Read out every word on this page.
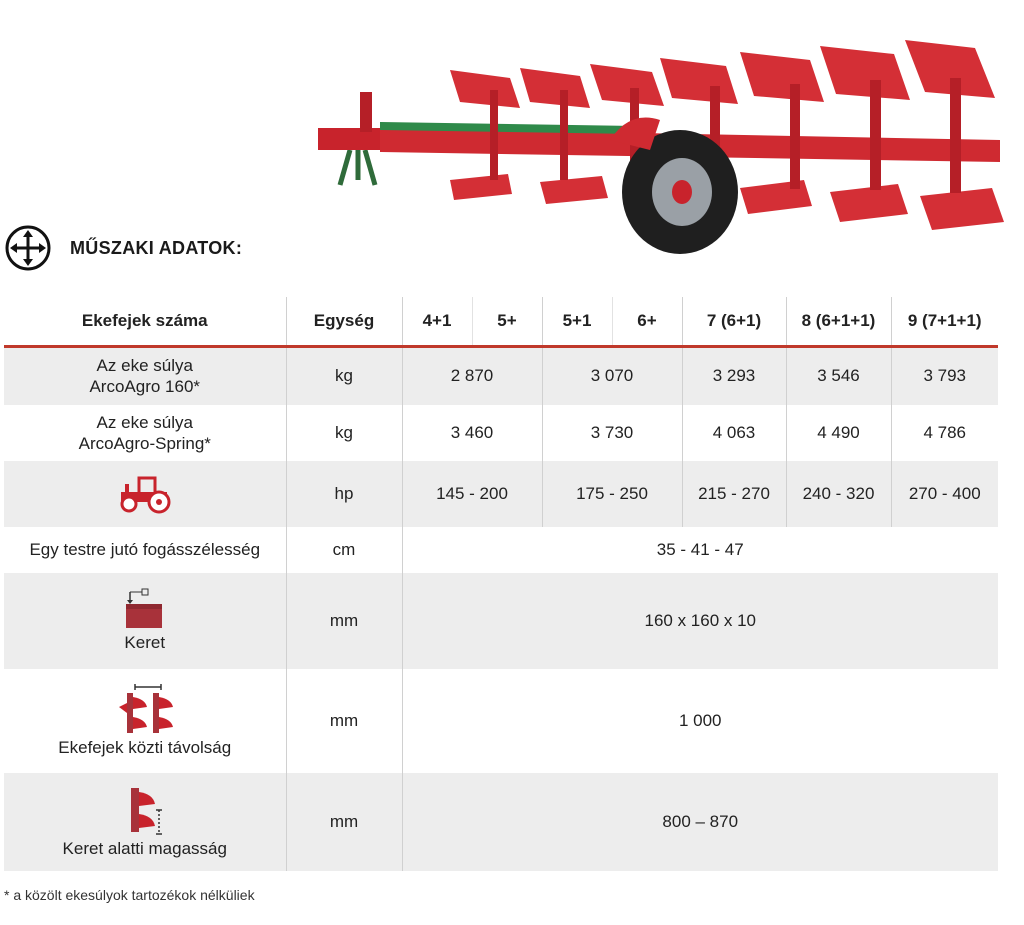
MŰSZAKI ADATOK:
Ekefejek száma	Egység	4+1	5+	5+1	6+	7 (6+1)	8 (6+1+1)	9 (7+1+1)

Az eke súlya
ArcoAgro 160*	kg	2 870		3 070		3 293	3 546	3 793

Az eke súlya
ArcoAgro-Spring*	kg	3 460		3 730		4 063	4 490	4 786

	hp	145 - 200		175 - 250		215 - 270	240 - 320	270 - 400
Egy testre jutó fogásszélesség	cm	35 - 41 - 47						

Keret	mm	160 x 160 x 10						

Ekefejek közti távolság	mm	1 000						

Keret alatti magasság	mm	800 – 870						
* a közölt ekesúlyok tartozékok nélküliek
